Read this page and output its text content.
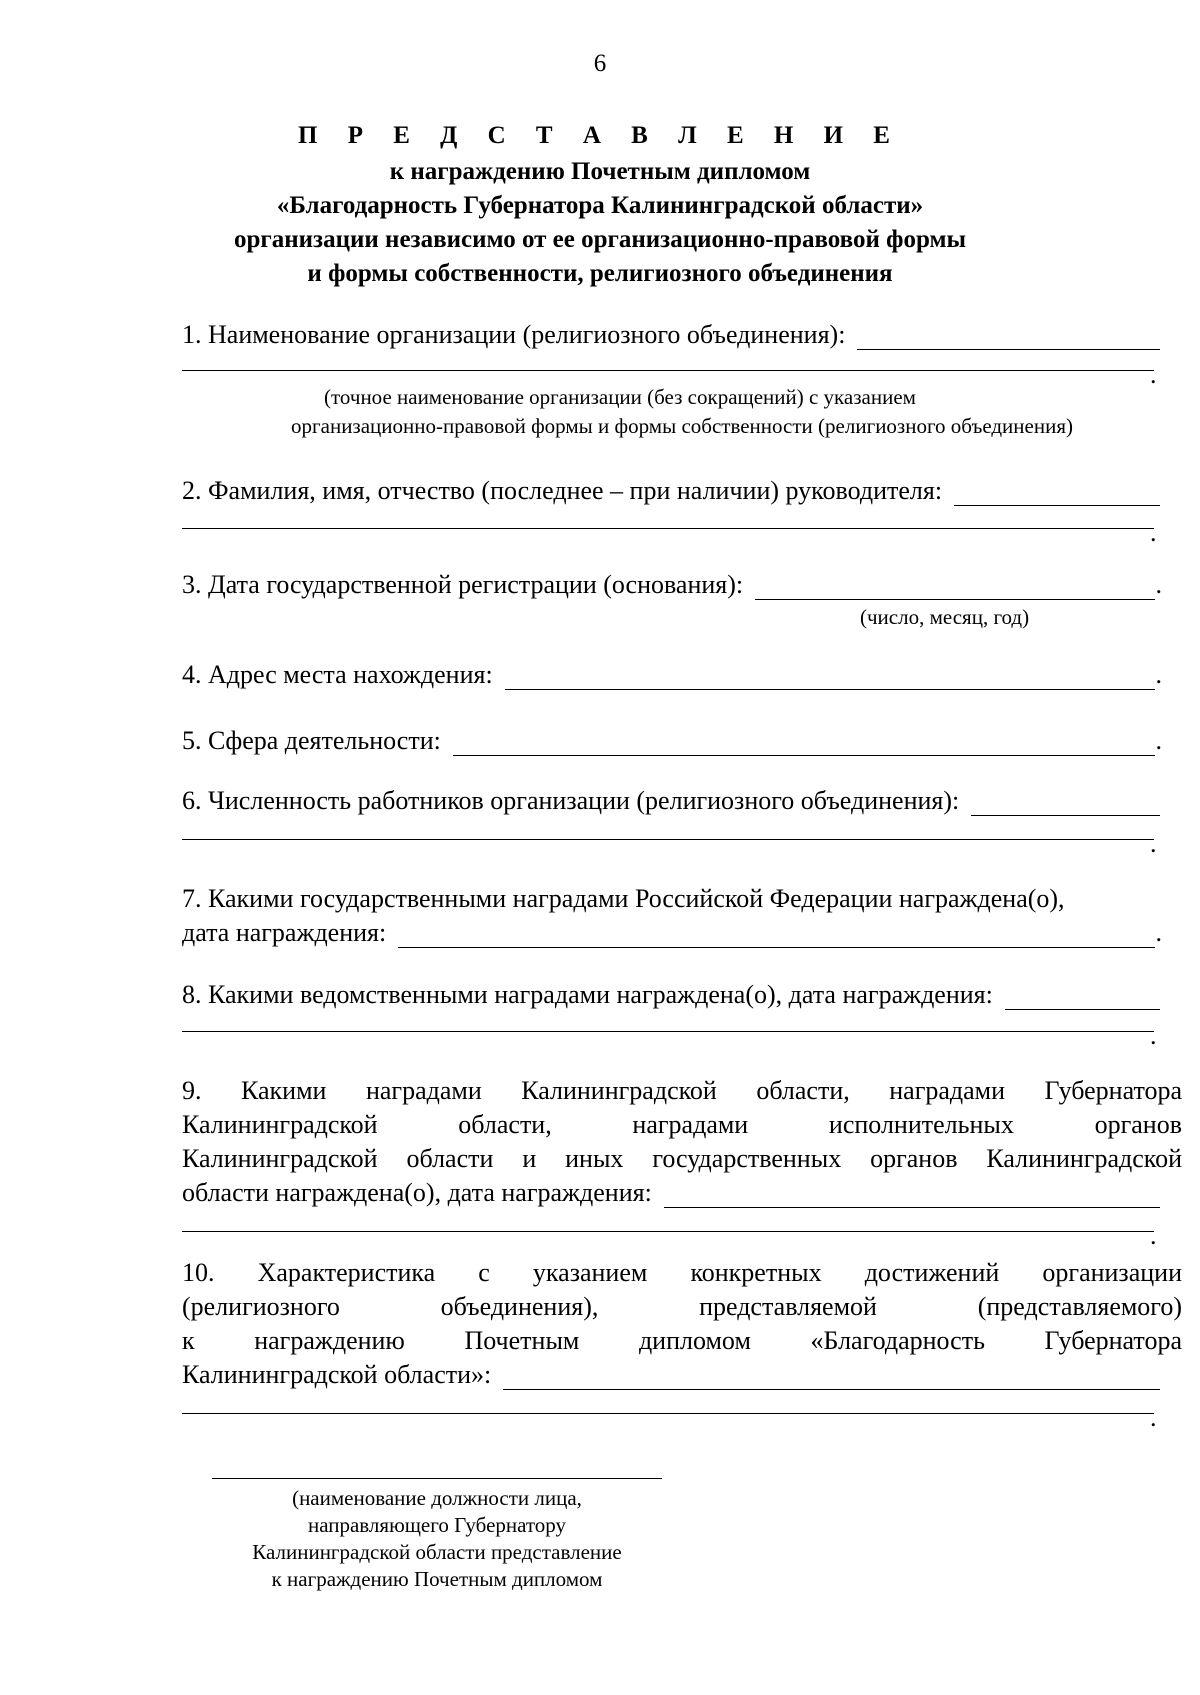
6
П Р Е Д С Т А В Л Е Н И Е
к награждению Почетным дипломом
«Благодарность Губернатора Калининградской области»
организации независимо от ее организационно-правовой формы
и формы собственности, религиозного объединения
1. Наименование организации (религиозного объединения):
.
(точное наименование организации (без сокращений) с указанием
организационно-правовой формы и формы собственности (религиозного объединения)
2. Фамилия, имя, отчество (последнее – при наличии) руководителя:
.
3. Дата государственной регистрации (основания):	.
(число, месяц, год)
4. Адрес места нахождения:	.
5. Сфера деятельности:	.
6. Численность работников организации (религиозного объединения):
.
7. Какими государственными наградами Российской Федерации награждена(о),
дата награждения:	.
8. Какими ведомственными наградами награждена(о), дата награждения:
.
9. Какими наградами Калининградской области, наградами Губернатора
Калининградской области, наградами исполнительных органов
Калининградской области и иных государственных органов Калининградской
области награждена(о), дата награждения:
.
10. Характеристика с указанием конкретных достижений организации
(религиозного объединения), представляемой (представляемого)
к награждению Почетным дипломом «Благодарность Губернатора
Калининградской области»:
.
(наименование должности лица,
направляющего Губернатору
Калининградской области представление
к награждению Почетным дипломом
